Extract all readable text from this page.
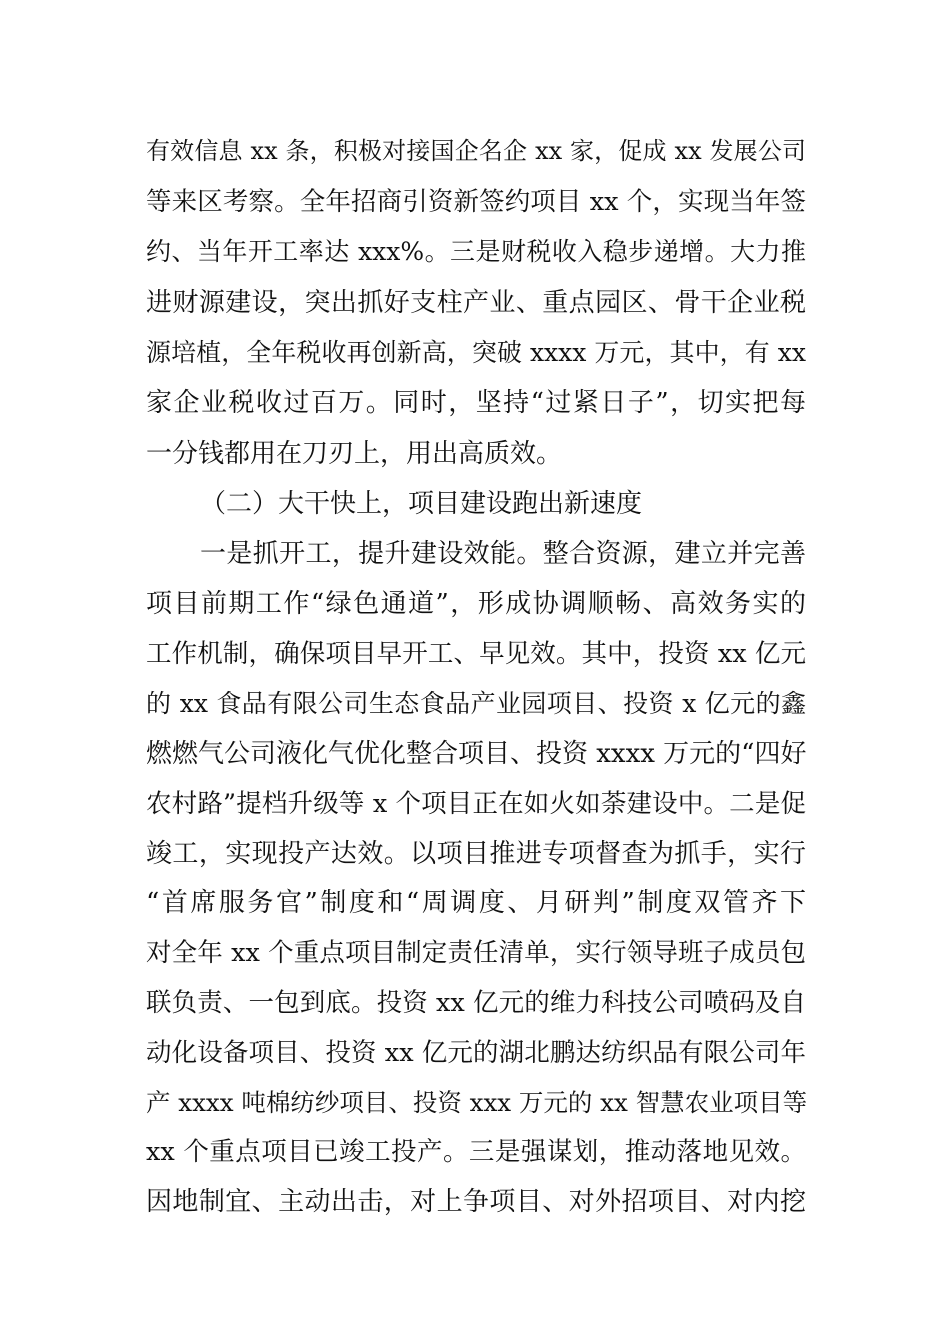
有效信息 xx 条，积极对接国企名企 xx 家，促成 xx 发展公司
等来区考察。全年招商引资新签约项目 xx 个，实现当年签
约、当年开工率达 xxx%。三是财税收入稳步递增。大力推
进财源建设，突出抓好支柱产业、重点园区、骨干企业税
源培植，全年税收再创新高，突破 xxxx 万元，其中，有 xx
家企业税收过百万。同时，坚持“过紧日子”，切实把每
一分钱都用在刀刃上，用出高质效。
（二）大干快上，项目建设跑出新速度
一是抓开工，提升建设效能。整合资源，建立并完善
项目前期工作“绿色通道”，形成协调顺畅、高效务实的
工作机制，确保项目早开工、早见效。其中，投资 xx 亿元
的 xx 食品有限公司生态食品产业园项目、投资 x 亿元的鑫
燃燃气公司液化气优化整合项目、投资 xxxx 万元的“四好
农村路”提档升级等 x 个项目正在如火如荼建设中。二是促
竣工，实现投产达效。以项目推进专项督查为抓手，实行
“首席服务官”制度和“周调度、月研判”制度双管齐下
对全年 xx 个重点项目制定责任清单，实行领导班子成员包
联负责、一包到底。投资 xx 亿元的维力科技公司喷码及自
动化设备项目、投资 xx 亿元的湖北鹏达纺织品有限公司年
产 xxxx 吨棉纺纱项目、投资 xxx 万元的 xx 智慧农业项目等
xx 个重点项目已竣工投产。三是强谋划，推动落地见效。
因地制宜、主动出击，对上争项目、对外招项目、对内挖
